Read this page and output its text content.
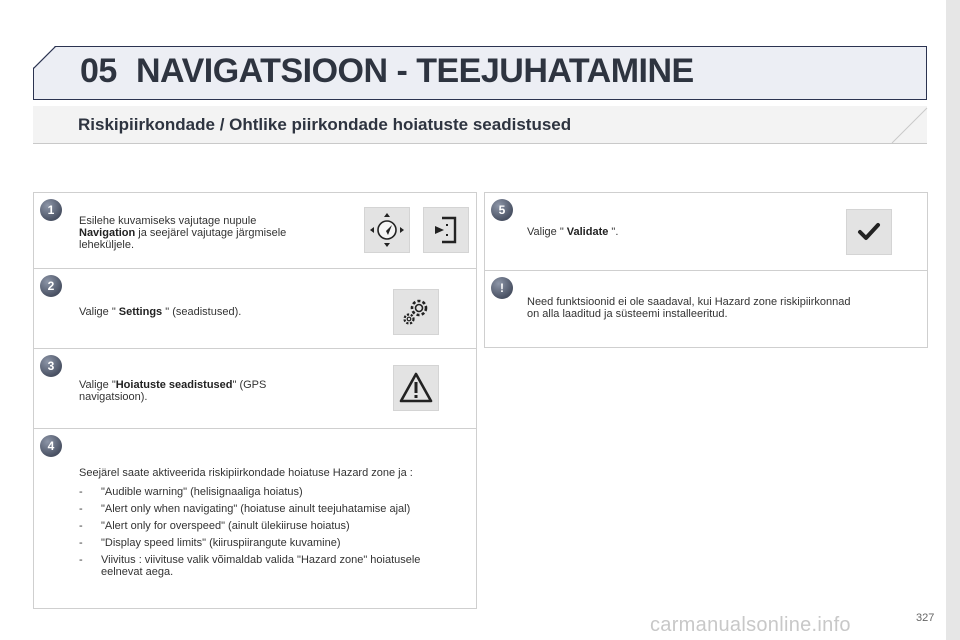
05 NAVIGATSIOON - TEEJUHATAMINE
Riskipiirkondade / Ohtlike piirkondade hoiatuste seadistused
1
Esilehe kuvamiseks vajutage nupule
Navigation ja seejärel vajutage järgmisele
leheküljele.
2
Valige " Settings " (seadistused).
3
Valige "Hoiatuste seadistused" (GPS
navigatsioon).
4
Seejärel saate aktiveerida riskipiirkondade hoiatuse Hazard zone ja :
-	"Audible warning" (helisignaaliga hoiatus)
-	"Alert only when navigating" (hoiatuse ainult teejuhatamise ajal)
-	"Alert only for overspeed" (ainult ülekiiruse hoiatus)
-	"Display speed limits" (kiiruspiirangute kuvamine)
-	Viivitus : viivituse valik võimaldab valida "Hazard zone" hoiatusele eelnevat aega.
5
Valige " Validate ".
!
Need funktsioonid ei ole saadaval, kui Hazard zone riskipiirkonnad
on alla laaditud ja süsteemi installeeritud.
carmanualsonline.info	327
